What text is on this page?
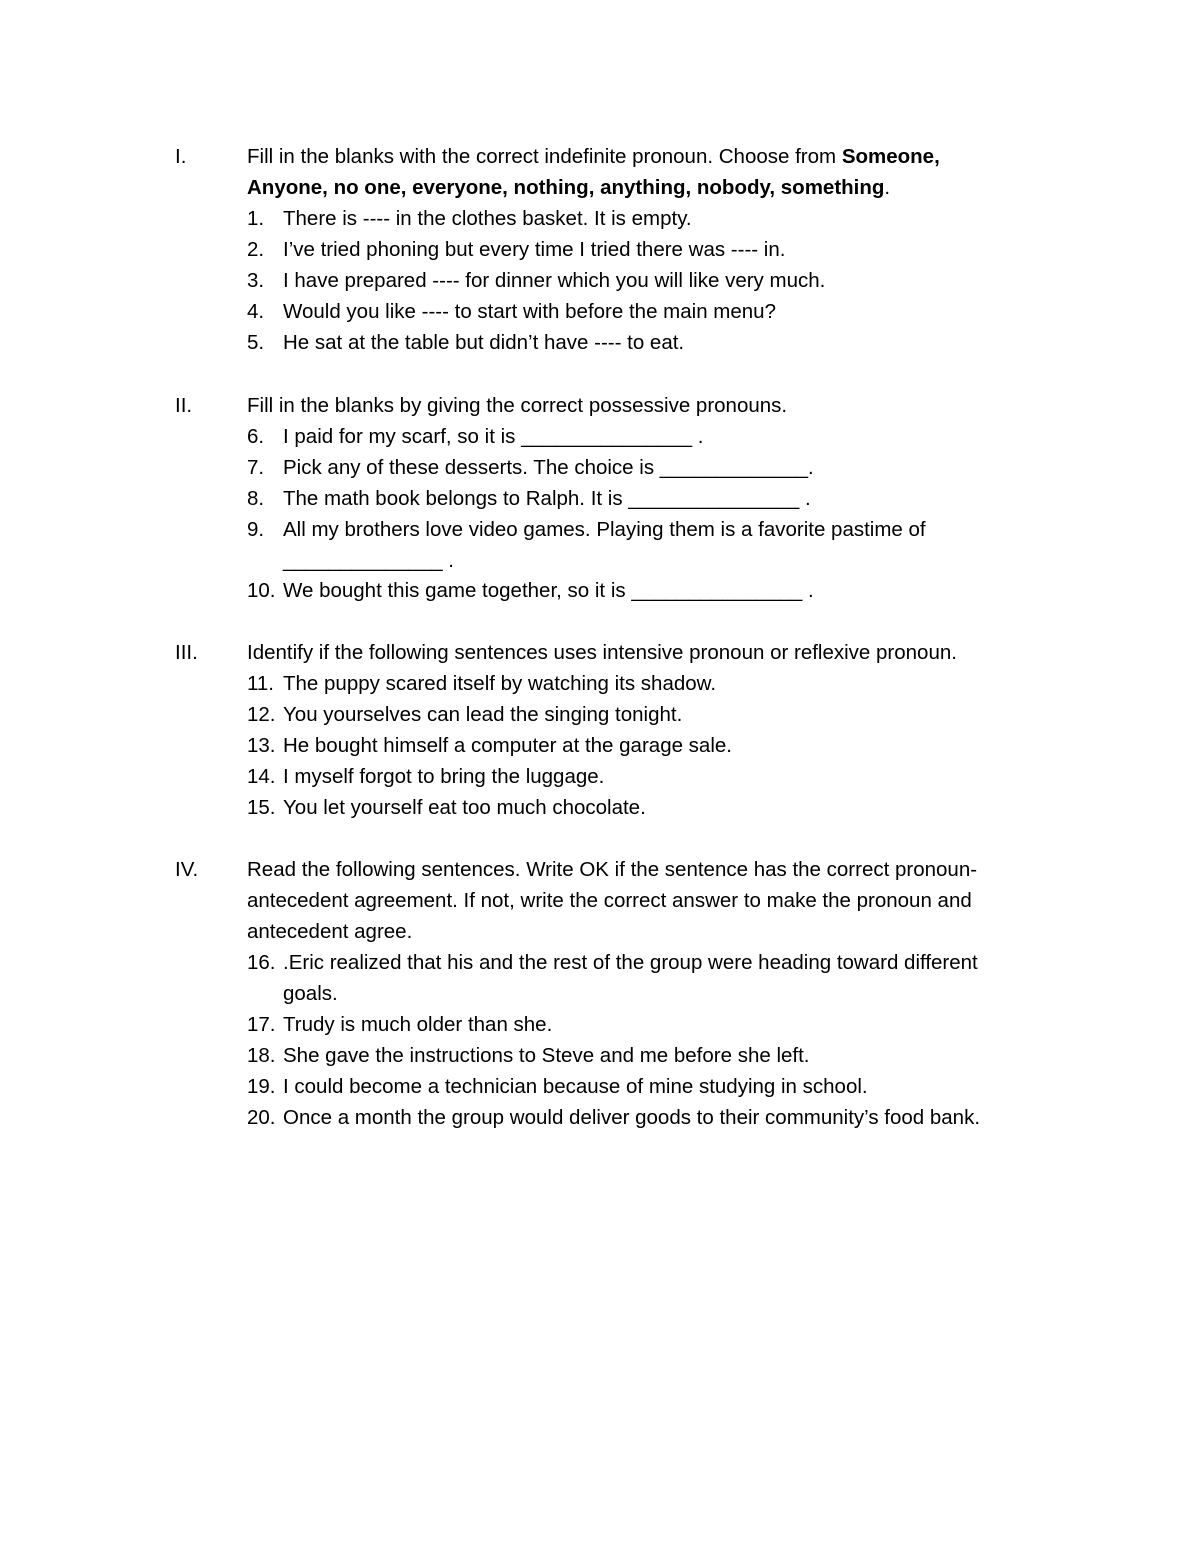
I.	Fill in the blanks with the correct indefinite pronoun. Choose from Someone,
Anyone, no one, everyone, nothing, anything, nobody, something.
1. There is ---- in the clothes basket. It is empty.
2. I’ve tried phoning but every time I tried there was ---- in.
3. I have prepared ---- for dinner which you will like very much.
4. Would you like ---- to start with before the main menu?
5. He sat at the table but didn’t have ---- to eat.
II.	Fill in the blanks by giving the correct possessive pronouns.
6. I paid for my scarf, so it is _______________ .
7. Pick any of these desserts. The choice is _____________.
8. The math book belongs to Ralph. It is _______________ .
9. All my brothers love video games. Playing them is a favorite pastime of
______________ .
10. We bought this game together, so it is _______________ .
III. Identify if the following sentences uses intensive pronoun or reflexive pronoun.
11. The puppy scared itself by watching its shadow.
12. You yourselves can lead the singing tonight.
13. He bought himself a computer at the garage sale.
14. I myself forgot to bring the luggage.
15. You let yourself eat too much chocolate.
IV. Read the following sentences. Write OK if the sentence has the correct pronoun-
antecedent agreement. If not, write the correct answer to make the pronoun and
antecedent agree.
16. .Eric realized that his and the rest of the group were heading toward different
goals.
17. Trudy is much older than she.
18. She gave the instructions to Steve and me before she left.
19. I could become a technician because of mine studying in school.
20. Once a month the group would deliver goods to their community’s food bank.
